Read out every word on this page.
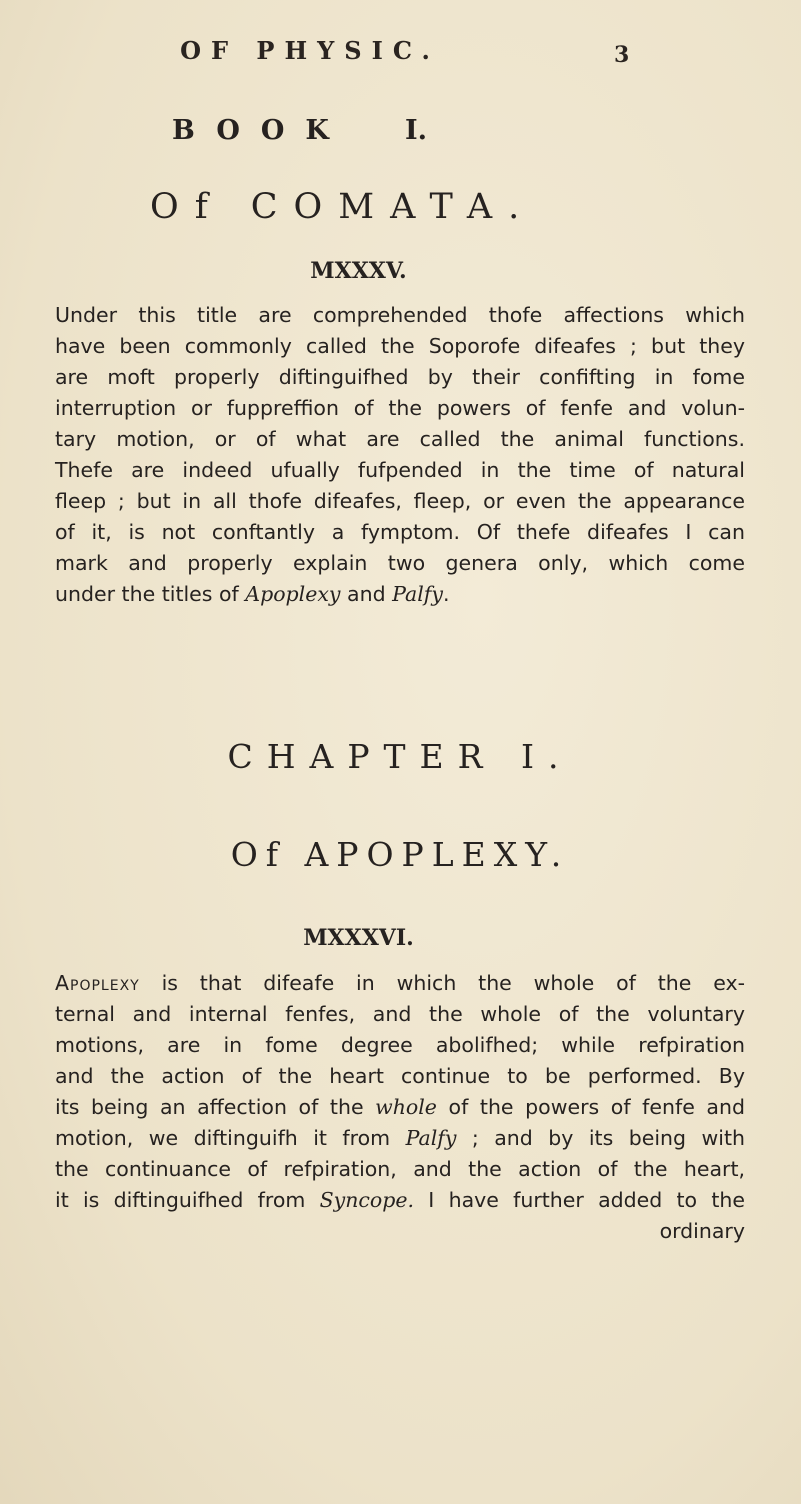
OF PHYSIC.	3
BOOK I.
Of COMATA.
MXXXV.
Under this title are comprehended thofe affections which
have been commonly called the Soporofe difeafes ; but they
are moft properly diftinguifhed by their confifting in fome
interruption or fuppreffion of the powers of fenfe and volun-
tary motion, or of what are called the animal functions.
Thefe are indeed ufually fufpended in the time of natural
fleep ; but in all thofe difeafes, fleep, or even the appearance
of it, is not conftantly a fymptom. Of thefe difeafes I can
mark and properly explain two genera only, which come
under the titles of Apoplexy and Palfy.
CHAPTER I.
Of APOPLEXY.
MXXXVI.
Apoplexy is that difeafe in which the whole of the ex-
ternal and internal fenfes, and the whole of the voluntary
motions, are in fome degree abolifhed; while refpiration
and the action of the heart continue to be performed. By
its being an affection of the whole of the powers of fenfe and
motion, we diftinguifh it from Palfy ; and by its being with
the continuance of refpiration, and the action of the heart,
it is diftinguifhed from Syncope. I have further added to the
ordinary
